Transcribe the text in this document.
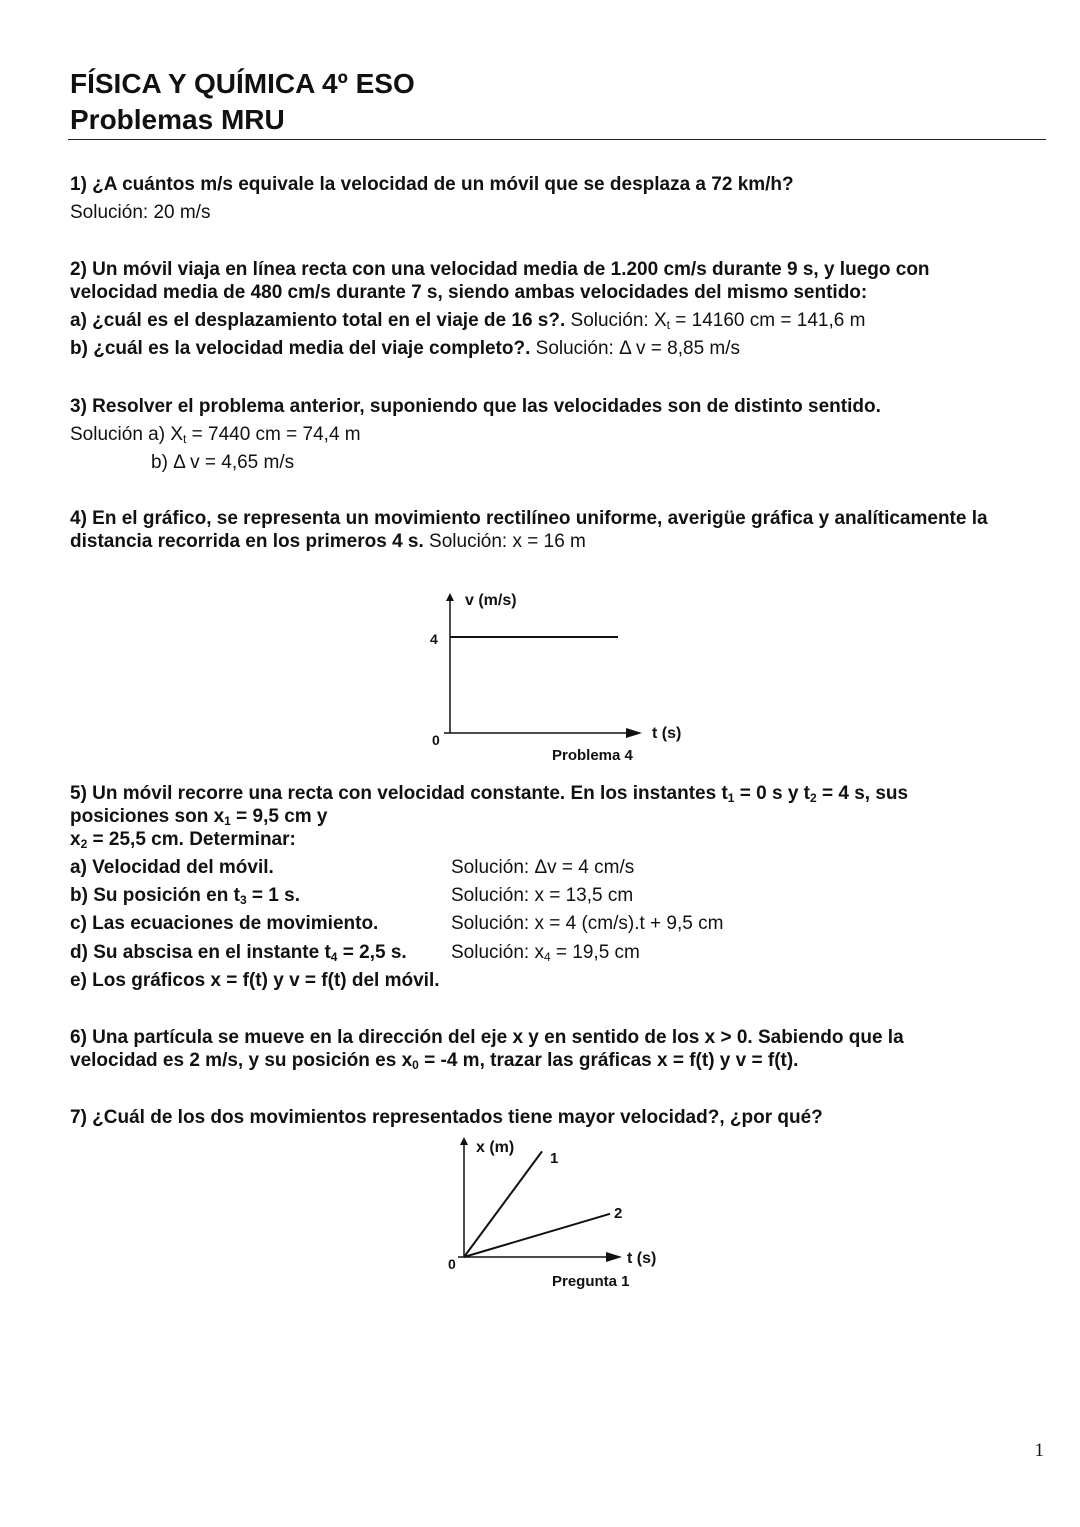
FÍSICA Y QUÍMICA 4º ESO
Problemas MRU
1) ¿A cuántos m/s equivale la velocidad de un móvil que se desplaza a 72 km/h?
Solución: 20 m/s
2) Un móvil viaja en línea recta con una velocidad media de 1.200 cm/s durante 9 s, y luego con
velocidad media de 480 cm/s durante 7 s, siendo ambas velocidades del mismo sentido:
a) ¿cuál es el desplazamiento total en el viaje de 16 s?. Solución: $X_t = 14160$ cm = 141,6 m
b) ¿cuál es la velocidad media del viaje completo?. Solución: Δ v = 8,85 m/s
3) Resolver el problema anterior, suponiendo que las velocidades son de distinto sentido.
Solución a) $X_t = 7440$ cm = 74,4 m
b) Δ v = 4,65 m/s
4) En el gráfico, se representa un movimiento rectilíneo uniforme, averigüe gráfica y analíticamente la
distancia recorrida en los primeros 4 s. Solución: x = 16 m
v (m/s)
t (s)
4
0
Problema 4
5) Un móvil recorre una recta con velocidad constante. En los instantes $t_1 = 0$ s y $t_2 = 4$ s, sus
posiciones son $x_1 = 9,5$ cm y
$x_2 = 25,5$ cm. Determinar:
a) Velocidad del móvil.	Solución: Δv = 4 cm/s
b) Su posición en $t_3 = 1$ s.	Solución: x = 13,5 cm
c) Las ecuaciones de movimiento.	Solución: x = 4 (cm/s).t + 9,5 cm
d) Su abscisa en el instante $t_4 = 2,5$ s. Solución: $x_4 = 19,5$ cm
e) Los gráficos x = f(t) y v = f(t) del móvil.
6) Una partícula se mueve en la dirección del eje x y en sentido de los x > 0. Sabiendo que la
velocidad es 2 m/s, y su posición es $x_0 = -4$ m, trazar las gráficas x = f(t) y v = f(t).
7) ¿Cuál de los dos movimientos representados tiene mayor velocidad?, ¿por qué?
x (m)
t (s)
0
1
2
Pregunta 1
1
